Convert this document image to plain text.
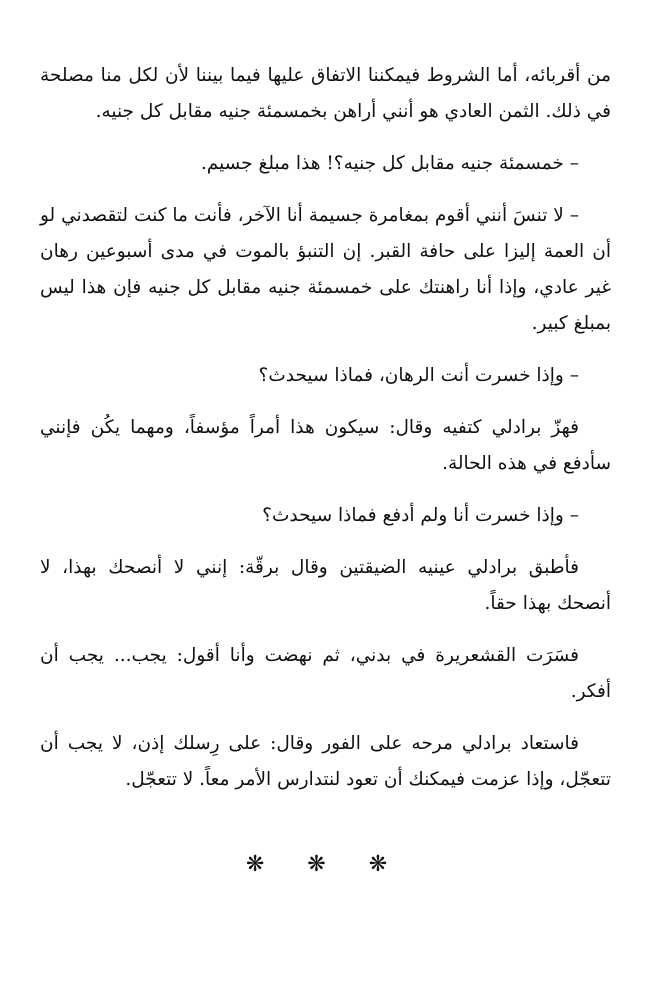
من أقربائه، أما الشروط فيمكننا الاتفاق عليها فيما بيننا لأن لكل منا مصلحة في ذلك. الثمن العادي هو أنني أراهن بخمسمئة جنيه مقابل كل جنيه.

– خمسمئة جنيه مقابل كل جنيه؟! هذا مبلغ جسيم.

– لا تنسَ أنني أقوم بمغامرة جسيمة أنا الآخر، فأنت ما كنت لتقصدني لو أن العمة إليزا على حافة القبر. إن التنبؤ بالموت في مدى أسبوعين رهان غير عادي، وإذا أنا راهنتك على خمسمئة جنيه مقابل كل جنيه فإن هذا ليس بمبلغ كبير.

– وإذا خسرت أنت الرهان، فماذا سيحدث؟

فهزّ برادلي كتفيه وقال: سيكون هذا أمراً مؤسفاً، ومهما يكُن فإنني سأدفع في هذه الحالة.

– وإذا خسرت أنا ولم أدفع فماذا سيحدث؟

فأطبق برادلي عينيه الضيقتين وقال برقّة: إنني لا أنصحك بهذا، لا أنصحك بهذا حقاً.

فسَرَت القشعريرة في بدني، ثم نهضت وأنا أقول: يجب... يجب أن أفكر.

فاستعاد برادلي مرحه على الفور وقال: على رِسلك إذن، لا يجب أن تتعجّل، وإذا عزمت فيمكنك أن تعود لنتدارس الأمر معاً. لا تتعجّل.

❋ ❋ ❋
